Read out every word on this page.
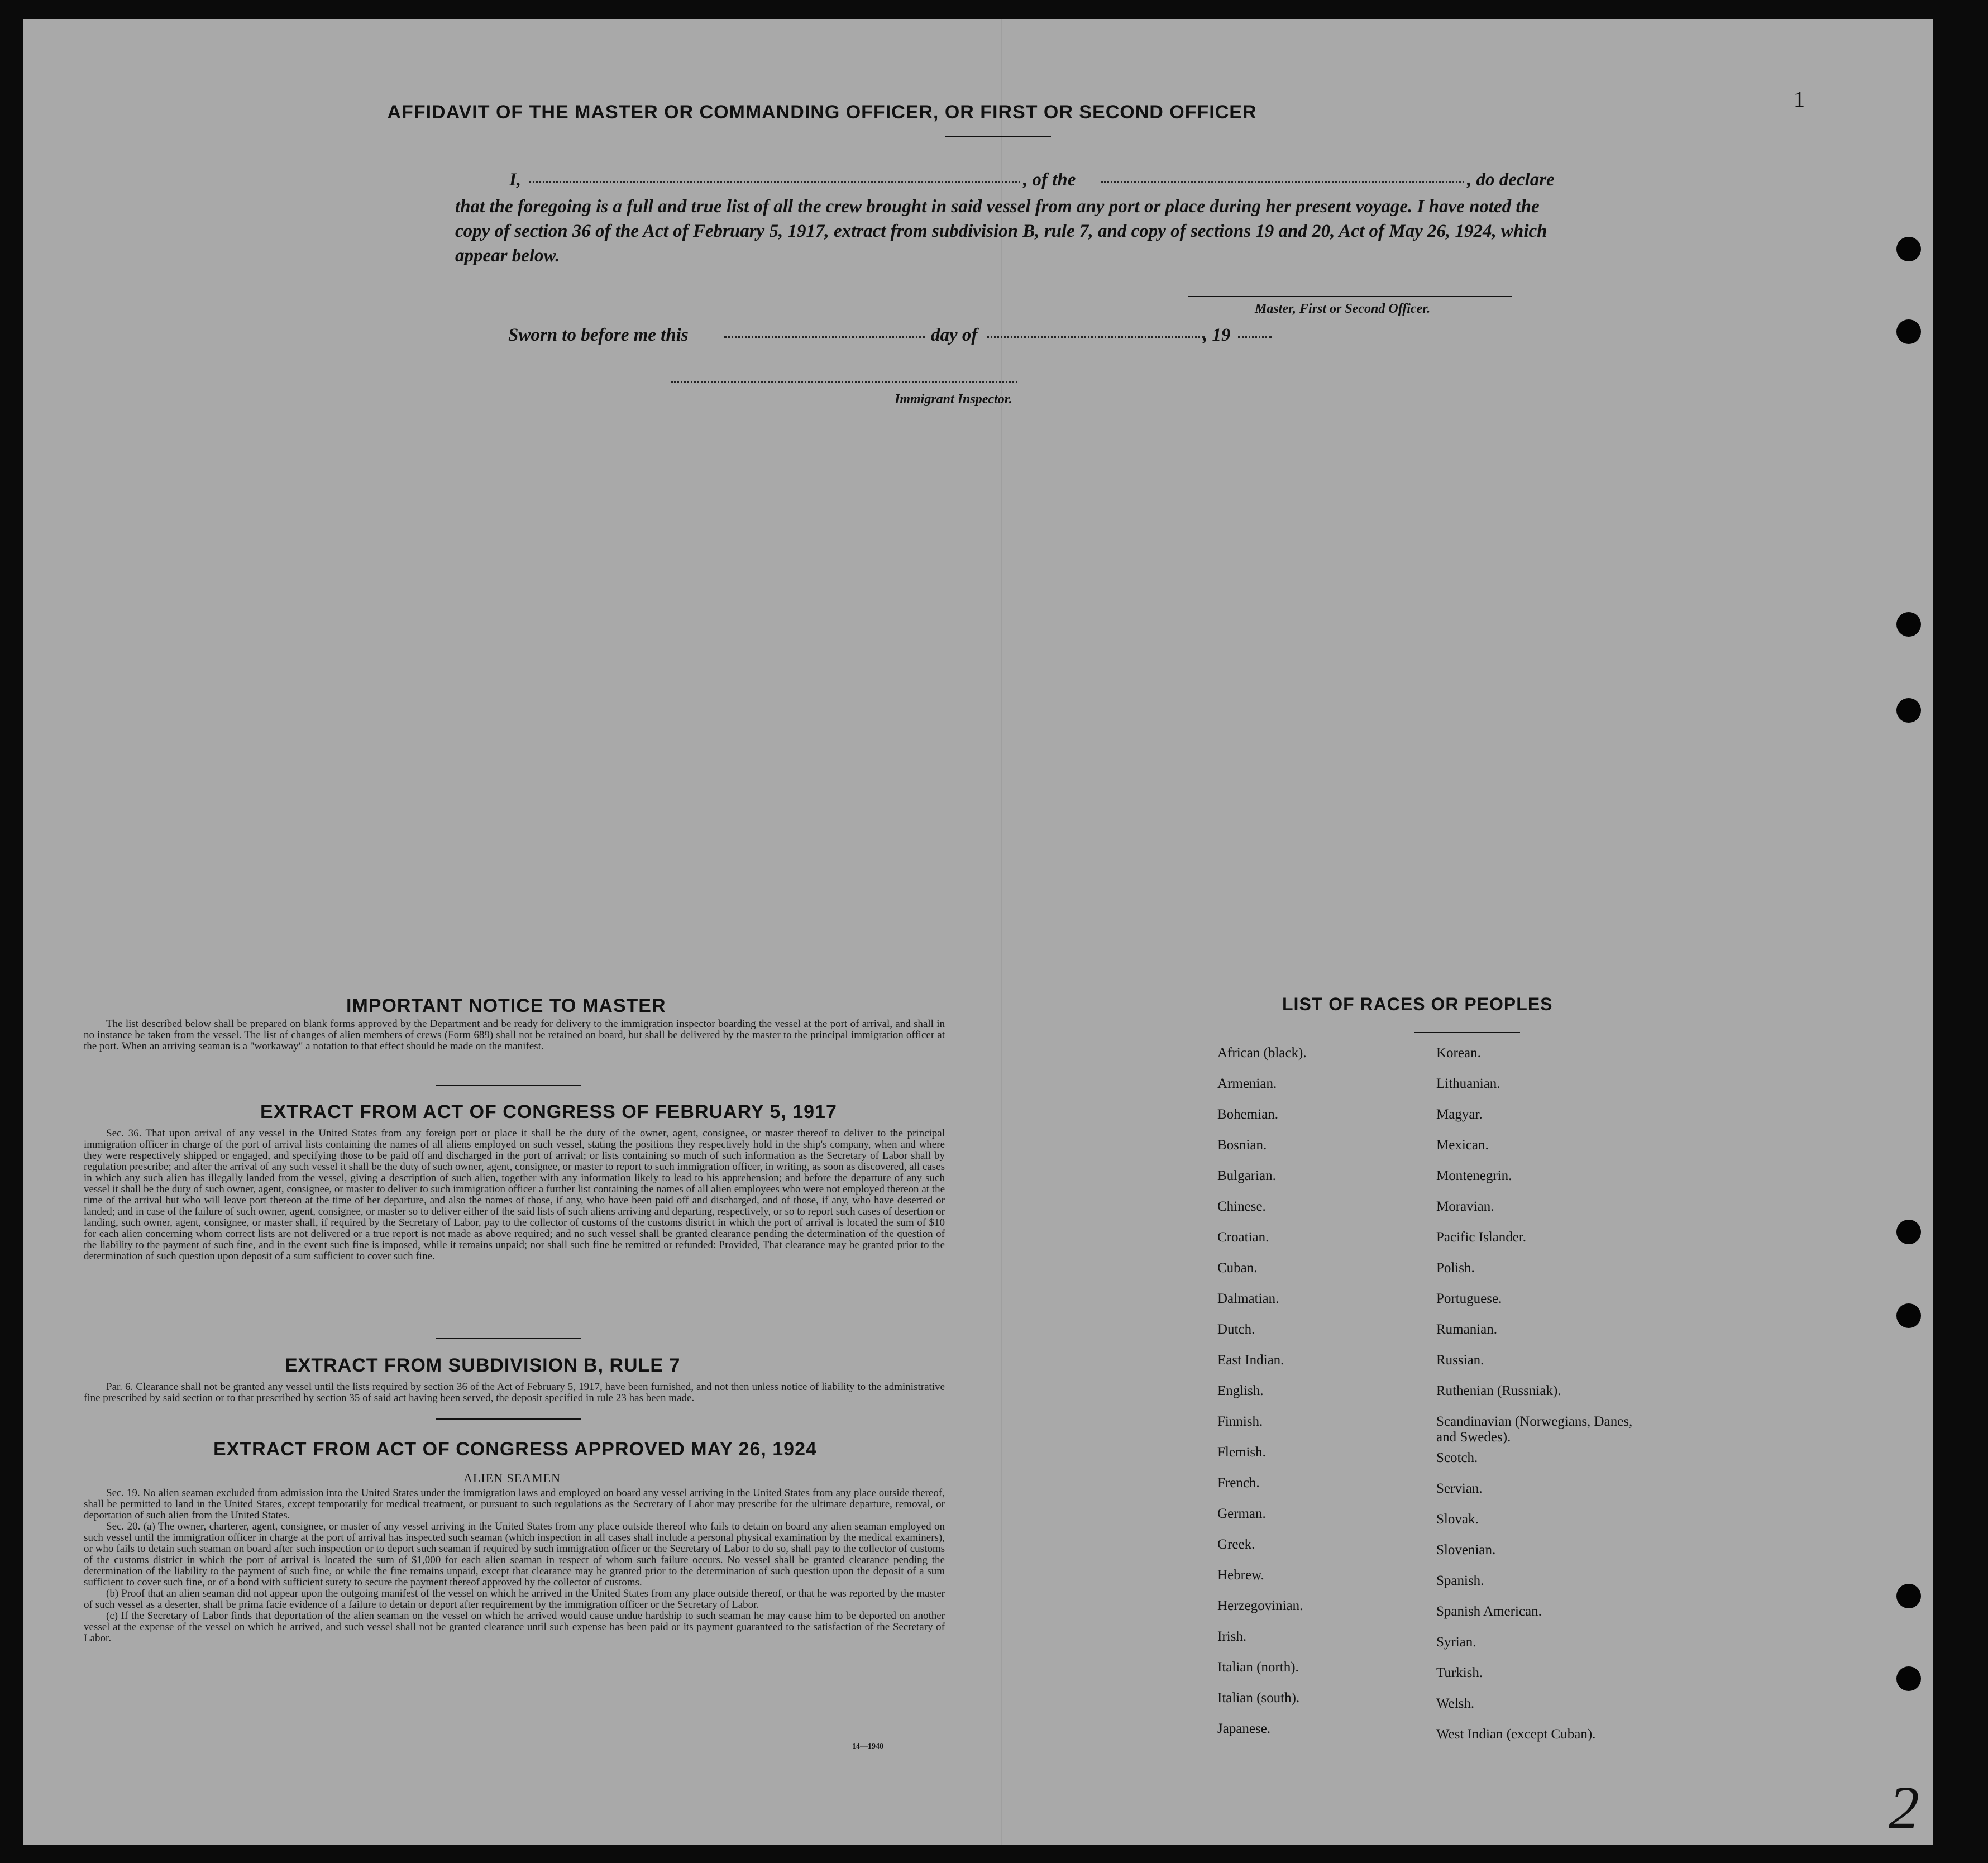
AFFIDAVIT OF THE MASTER OR COMMANDING OFFICER, OR FIRST OR SECOND OFFICER
I,	, of the	, do declare
that the foregoing is a full and true list of all the crew brought in said vessel from any port or place during her present voyage. I have noted the copy of section 36 of the Act of February 5, 1917, extract from subdivision B, rule 7, and copy of sections 19 and 20, Act of May 26, 1924, which appear below.
Master, First or Second Officer.
Sworn to before me this	day of	, 19
Immigrant Inspector.
IMPORTANT NOTICE TO MASTER

The list described below shall be prepared on blank forms approved by the Department and be ready for delivery to the immigration inspector boarding the vessel at the port of arrival, and shall in no instance be taken from the vessel. The list of changes of alien members of crews (Form 689) shall not be retained on board, but shall be delivered by the master to the principal immigration officer at the port. When an arriving seaman is a "workaway" a notation to that effect should be made on the manifest.

EXTRACT FROM ACT OF CONGRESS OF FEBRUARY 5, 1917

Sec. 36. That upon arrival of any vessel in the United States from any foreign port or place it shall be the duty of the owner, agent, consignee, or master thereof to deliver to the principal immigration officer in charge of the port of arrival lists containing the names of all aliens employed on such vessel, stating the positions they respectively hold in the ship's company, when and where they were respectively shipped or engaged, and specifying those to be paid off and discharged in the port of arrival; or lists containing so much of such information as the Secretary of Labor shall by regulation prescribe; and after the arrival of any such vessel it shall be the duty of such owner, agent, consignee, or master to report to such immigration officer, in writing, as soon as discovered, all cases in which any such alien has illegally landed from the vessel, giving a description of such alien, together with any information likely to lead to his apprehension; and before the departure of any such vessel it shall be the duty of such owner, agent, consignee, or master to deliver to such immigration officer a further list containing the names of all alien employees who were not employed thereon at the time of the arrival but who will leave port thereon at the time of her departure, and also the names of those, if any, who have been paid off and discharged, and of those, if any, who have deserted or landed; and in case of the failure of such owner, agent, consignee, or master so to deliver either of the said lists of such aliens arriving and departing, respectively, or so to report such cases of desertion or landing, such owner, agent, consignee, or master shall, if required by the Secretary of Labor, pay to the collector of customs of the customs district in which the port of arrival is located the sum of $10 for each alien concerning whom correct lists are not delivered or a true report is not made as above required; and no such vessel shall be granted clearance pending the determination of the question of the liability to the payment of such fine, and in the event such fine is imposed, while it remains unpaid; nor shall such fine be remitted or refunded: Provided, That clearance may be granted prior to the determination of such question upon deposit of a sum sufficient to cover such fine.

EXTRACT FROM SUBDIVISION B, RULE 7

Par. 6. Clearance shall not be granted any vessel until the lists required by section 36 of the Act of February 5, 1917, have been furnished, and not then unless notice of liability to the administrative fine prescribed by said section or to that prescribed by section 35 of said act having been served, the deposit specified in rule 23 has been made.

EXTRACT FROM ACT OF CONGRESS APPROVED MAY 26, 1924
ALIEN SEAMEN

Sec. 19. No alien seaman excluded from admission into the United States under the immigration laws and employed on board any vessel arriving in the United States from any place outside thereof, shall be permitted to land in the United States, except temporarily for medical treatment, or pursuant to such regulations as the Secretary of Labor may prescribe for the ultimate departure, removal, or deportation of such alien from the United States.

Sec. 20. (a) The owner, charterer, agent, consignee, or master of any vessel arriving in the United States from any place outside thereof who fails to detain on board any alien seaman employed on such vessel until the immigration officer in charge at the port of arrival has inspected such seaman (which inspection in all cases shall include a personal physical examination by the medical examiners), or who fails to detain such seaman on board after such inspection or to deport such seaman if required by such immigration officer or the Secretary of Labor to do so, shall pay to the collector of customs of the customs district in which the port of arrival is located the sum of $1,000 for each alien seaman in respect of whom such failure occurs. No vessel shall be granted clearance pending the determination of the liability to the payment of such fine, or while the fine remains unpaid, except that clearance may be granted prior to the determination of such question upon the deposit of a sum sufficient to cover such fine, or of a bond with sufficient surety to secure the payment thereof approved by the collector of customs.

(b) Proof that an alien seaman did not appear upon the outgoing manifest of the vessel on which he arrived in the United States from any place outside thereof, or that he was reported by the master of such vessel as a deserter, shall be prima facie evidence of a failure to detain or deport after requirement by the immigration officer or the Secretary of Labor.

(c) If the Secretary of Labor finds that deportation of the alien seaman on the vessel on which he arrived would cause undue hardship to such seaman he may cause him to be deported on another vessel at the expense of the vessel on which he arrived, and such vessel shall not be granted clearance until such expense has been paid or its payment guaranteed to the satisfaction of the Secretary of Labor.

14—1940
LIST OF RACES OR PEOPLES
African (black).
Armenian.
Bohemian.
Bosnian.
Bulgarian.
Chinese.
Croatian.
Cuban.
Dalmatian.
Dutch.
East Indian.
English.
Finnish.
Flemish.
French.
German.
Greek.
Hebrew.
Herzegovinian.
Irish.
Italian (north).
Italian (south).
Japanese.
Korean.
Lithuanian.
Magyar.
Mexican.
Montenegrin.
Moravian.
Pacific Islander.
Polish.
Portuguese.
Rumanian.
Russian.
Ruthenian (Russniak).
Scandinavian (Norwegians, Danes, and Swedes).
Scotch.
Servian.
Slovak.
Slovenian.
Spanish.
Spanish American.
Syrian.
Turkish.
Welsh.
West Indian (except Cuban).
1
2
